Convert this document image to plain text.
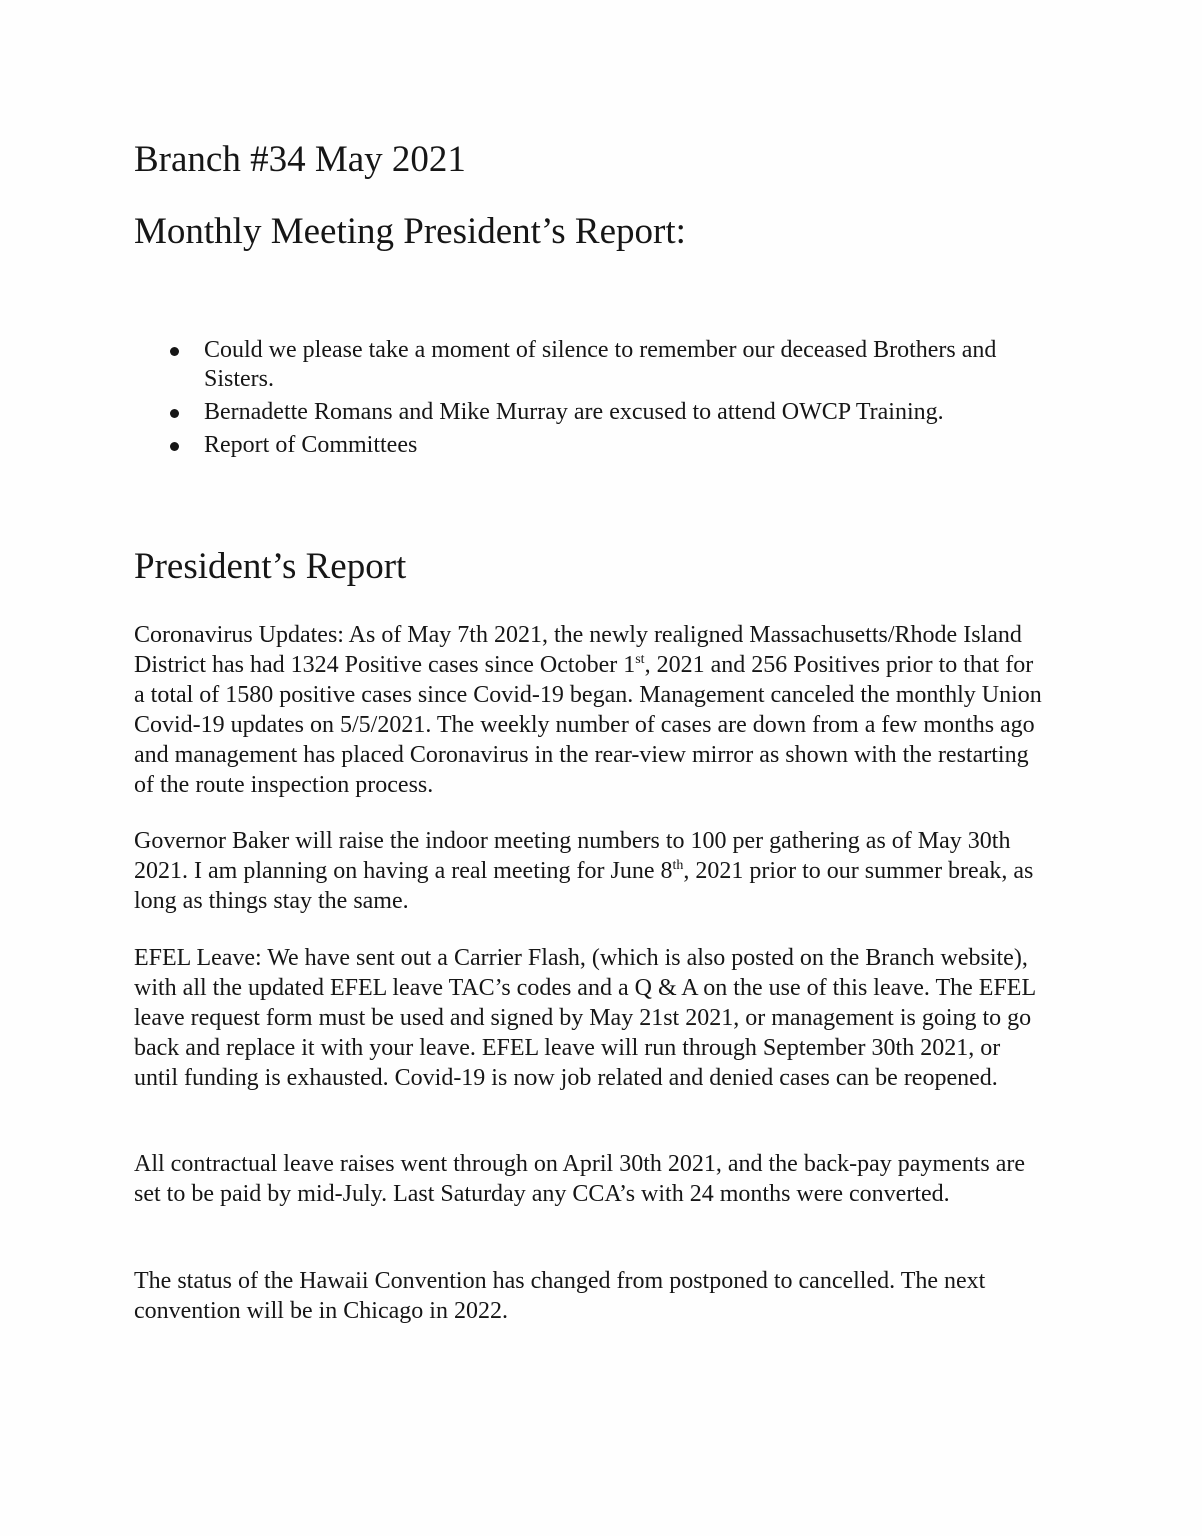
Branch #34 May 2021
Monthly Meeting President’s Report:
Could we please take a moment of silence to remember our deceased Brothers and Sisters.
Bernadette Romans and Mike Murray are excused to attend OWCP Training.
Report of Committees
President’s Report

Coronavirus Updates: As of May 7th 2021, the newly realigned Massachusetts/Rhode Island District has had 1324 Positive cases since October 1st, 2021 and 256 Positives prior to that for a total of 1580 positive cases since Covid-19 began. Management canceled the monthly Union Covid-19 updates on 5/5/2021. The weekly number of cases are down from a few months ago and management has placed Coronavirus in the rear-view mirror as shown with the restarting of the route inspection process.

Governor Baker will raise the indoor meeting numbers to 100 per gathering as of May 30th 2021. I am planning on having a real meeting for June 8th, 2021 prior to our summer break, as long as things stay the same.

EFEL Leave: We have sent out a Carrier Flash, (which is also posted on the Branch website), with all the updated EFEL leave TAC’s codes and a Q & A on the use of this leave. The EFEL leave request form must be used and signed by May 21st 2021, or management is going to go back and replace it with your leave. EFEL leave will run through September 30th 2021, or until funding is exhausted. Covid-19 is now job related and denied cases can be reopened.

All contractual leave raises went through on April 30th 2021, and the back-pay payments are set to be paid by mid-July. Last Saturday any CCA’s with 24 months were converted.

The status of the Hawaii Convention has changed from postponed to cancelled. The next convention will be in Chicago in 2022.
